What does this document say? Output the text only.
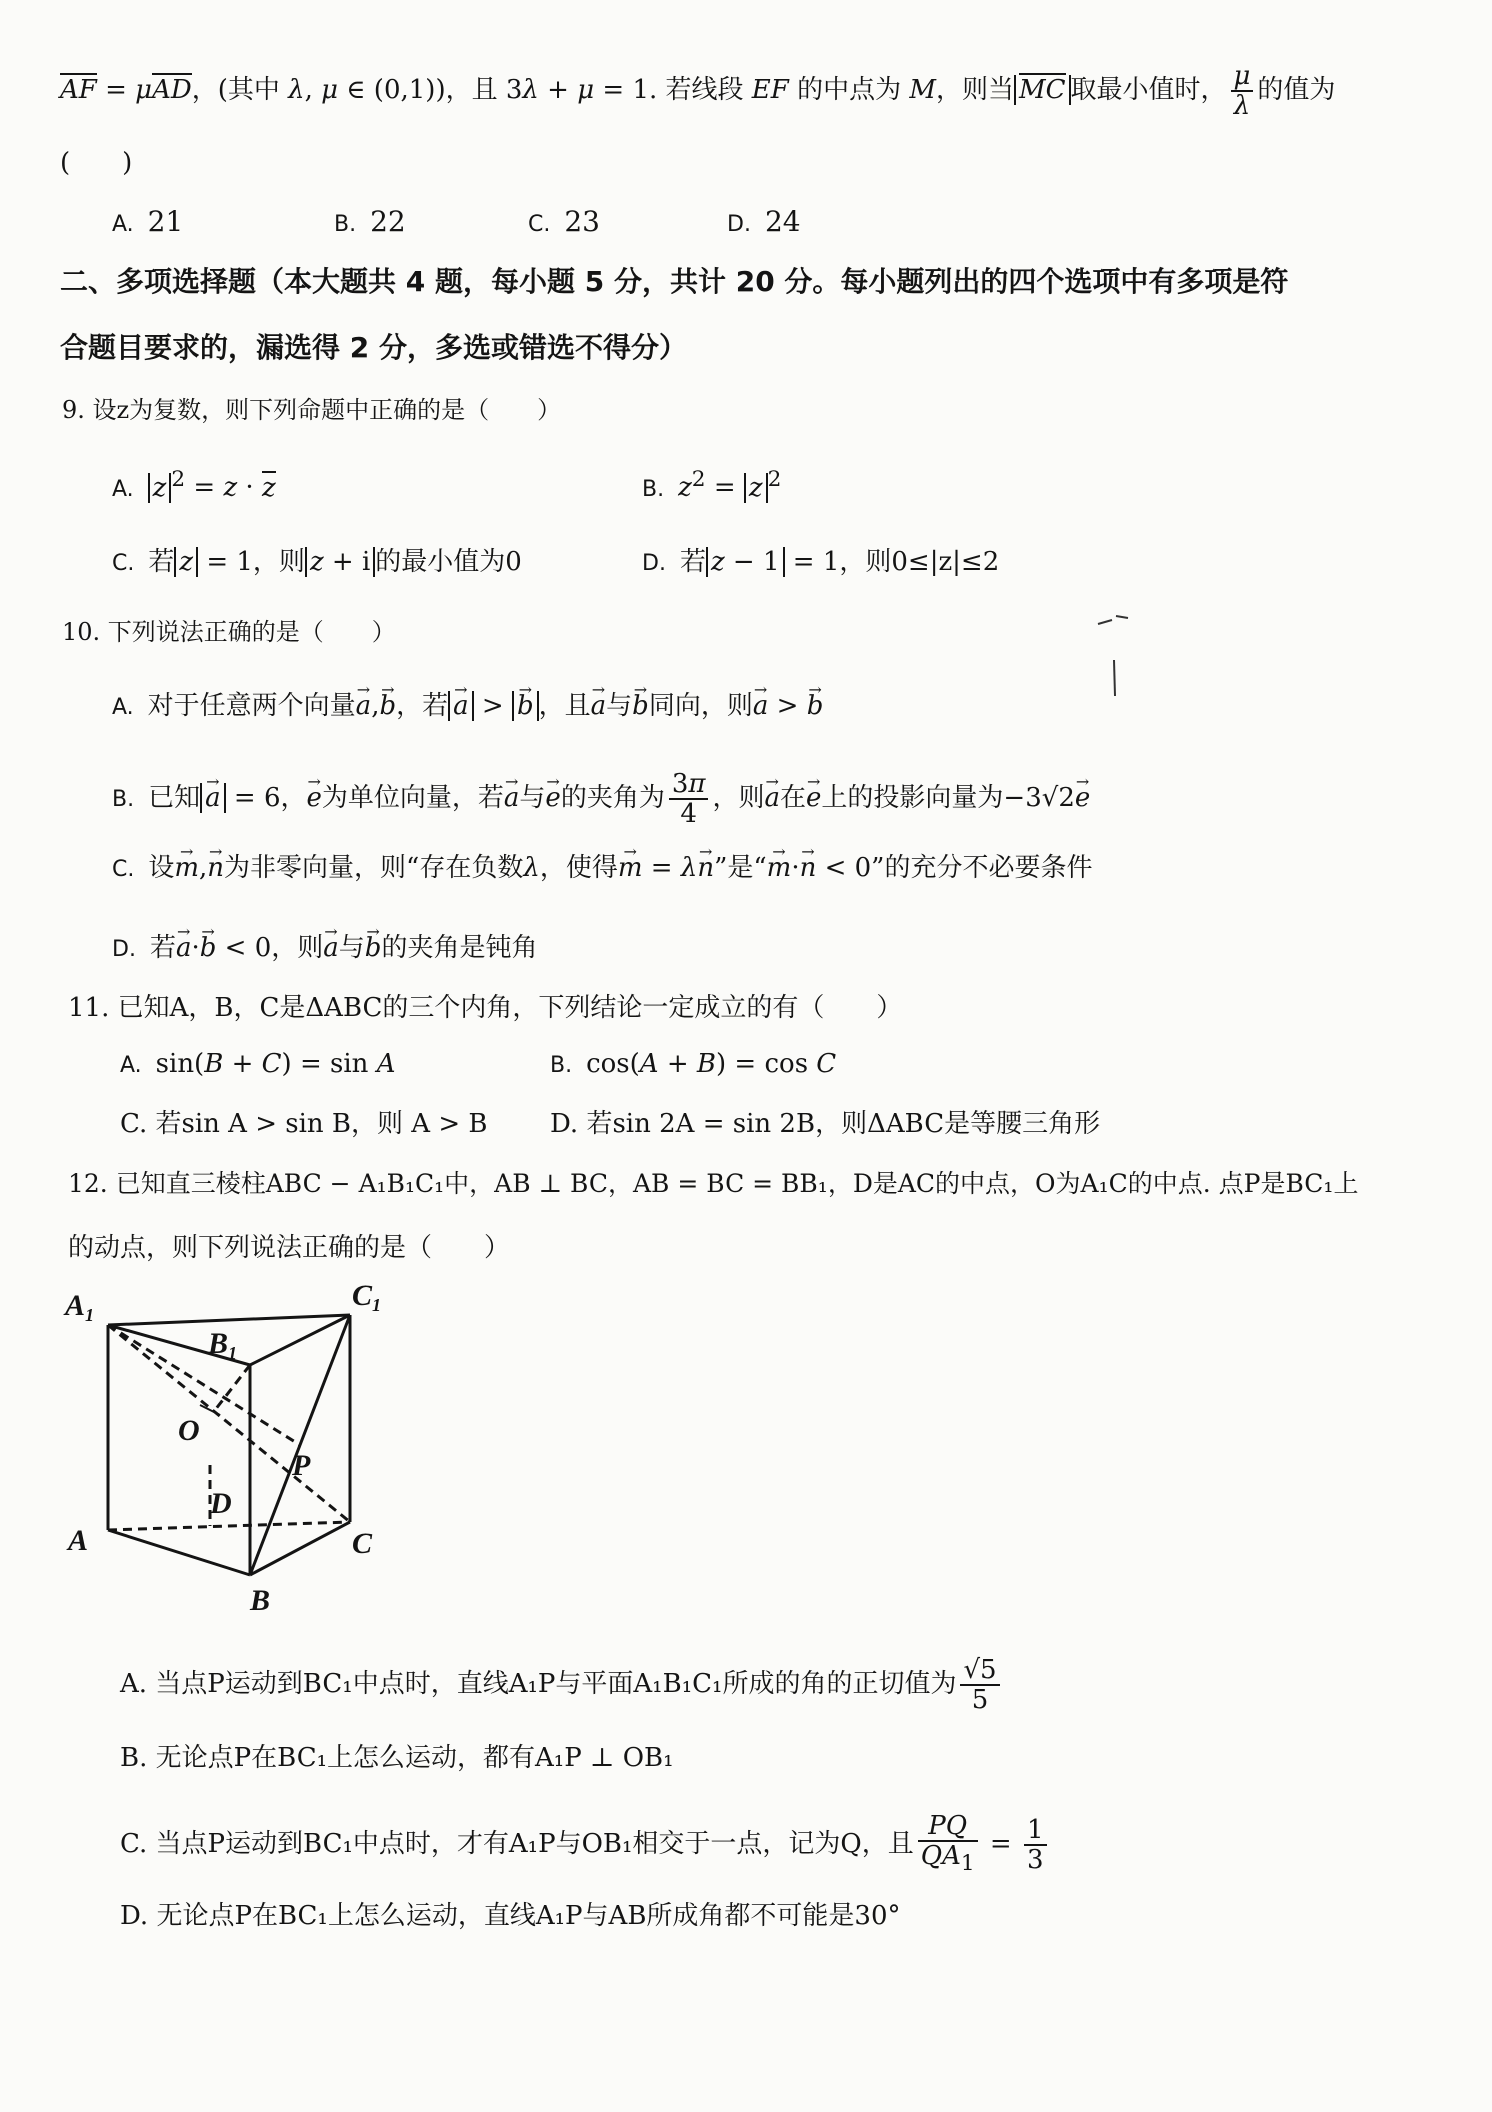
AF = μAD，(其中 λ, μ ∈ (0,1))，且 3λ + μ = 1. 若线段 EF 的中点为 M，则当 MC 取最小值时， $\frac{\mu}{\lambda}$ 的值为
(　　)
A. 21	B. 22	C. 23	D. 24
二、多项选择题（本大题共 4 题，每小题 5 分，共计 20 分。每小题列出的四个选项中有多项是符
合题目要求的，漏选得 2 分，多选或错选不得分）
9. 设z为复数，则下列命题中正确的是（　　）
A. z $^2$ = z · z	B. $z^2 = z$ $^2$
C. 若 z = 1，则 z + i 的最小值为0	D. 若 z − 1 = 1，则0≤|z|≤2
10. 下列说法正确的是（　　）
A. 对于任意两个向量→ a,→ b，若 → a > → b ，且→ a与→ b同向，则→ a > → b
B. 已知 → a = 6，→ e为单位向量，若→ a与→ e的夹角为 $\frac{3\pi}{4}$ ，则→ a在→ e上的投影向量为−3√2→ e
C. 设→ m,→ n为非零向量，则“存在负数λ，使得→ m = λ→ n”是“→ m·→ n < 0”的充分不必要条件
D. 若→ a·→ b < 0，则→ a与→ b的夹角是钝角
11. 已知A，B，C是ΔABC的三个内角，下列结论一定成立的有（　　）
A. sin(B + C) = sin A	B. cos(A + B) = cos C
C. 若sin A > sin B，则 A > B D. 若sin 2A = sin 2B，则ΔABC是等腰三角形
12. 已知直三棱柱ABC − A₁B₁C₁中，AB ⊥ BC，AB = BC = BB₁，D是AC的中点，O为A₁C的中点. 点P是BC₁上
的动点，则下列说法正确的是（　　）
$A_1$
$B_1$
$C_1$
O
P
D
A	C
B
A. 当点P运动到BC₁中点时，直线A₁P与平面A₁B₁C₁所成的角的正切值为 $\frac{√5}{5}$
B. 无论点P在BC₁上怎么运动，都有A₁P ⊥ OB₁
C. 当点P运动到BC₁中点时，才有A₁P与OB₁相交于一点，记为Q，且 $\frac{PQ}{QA_1} = \frac{1}{3}$
D. 无论点P在BC₁上怎么运动，直线A₁P与AB所成角都不可能是30°
